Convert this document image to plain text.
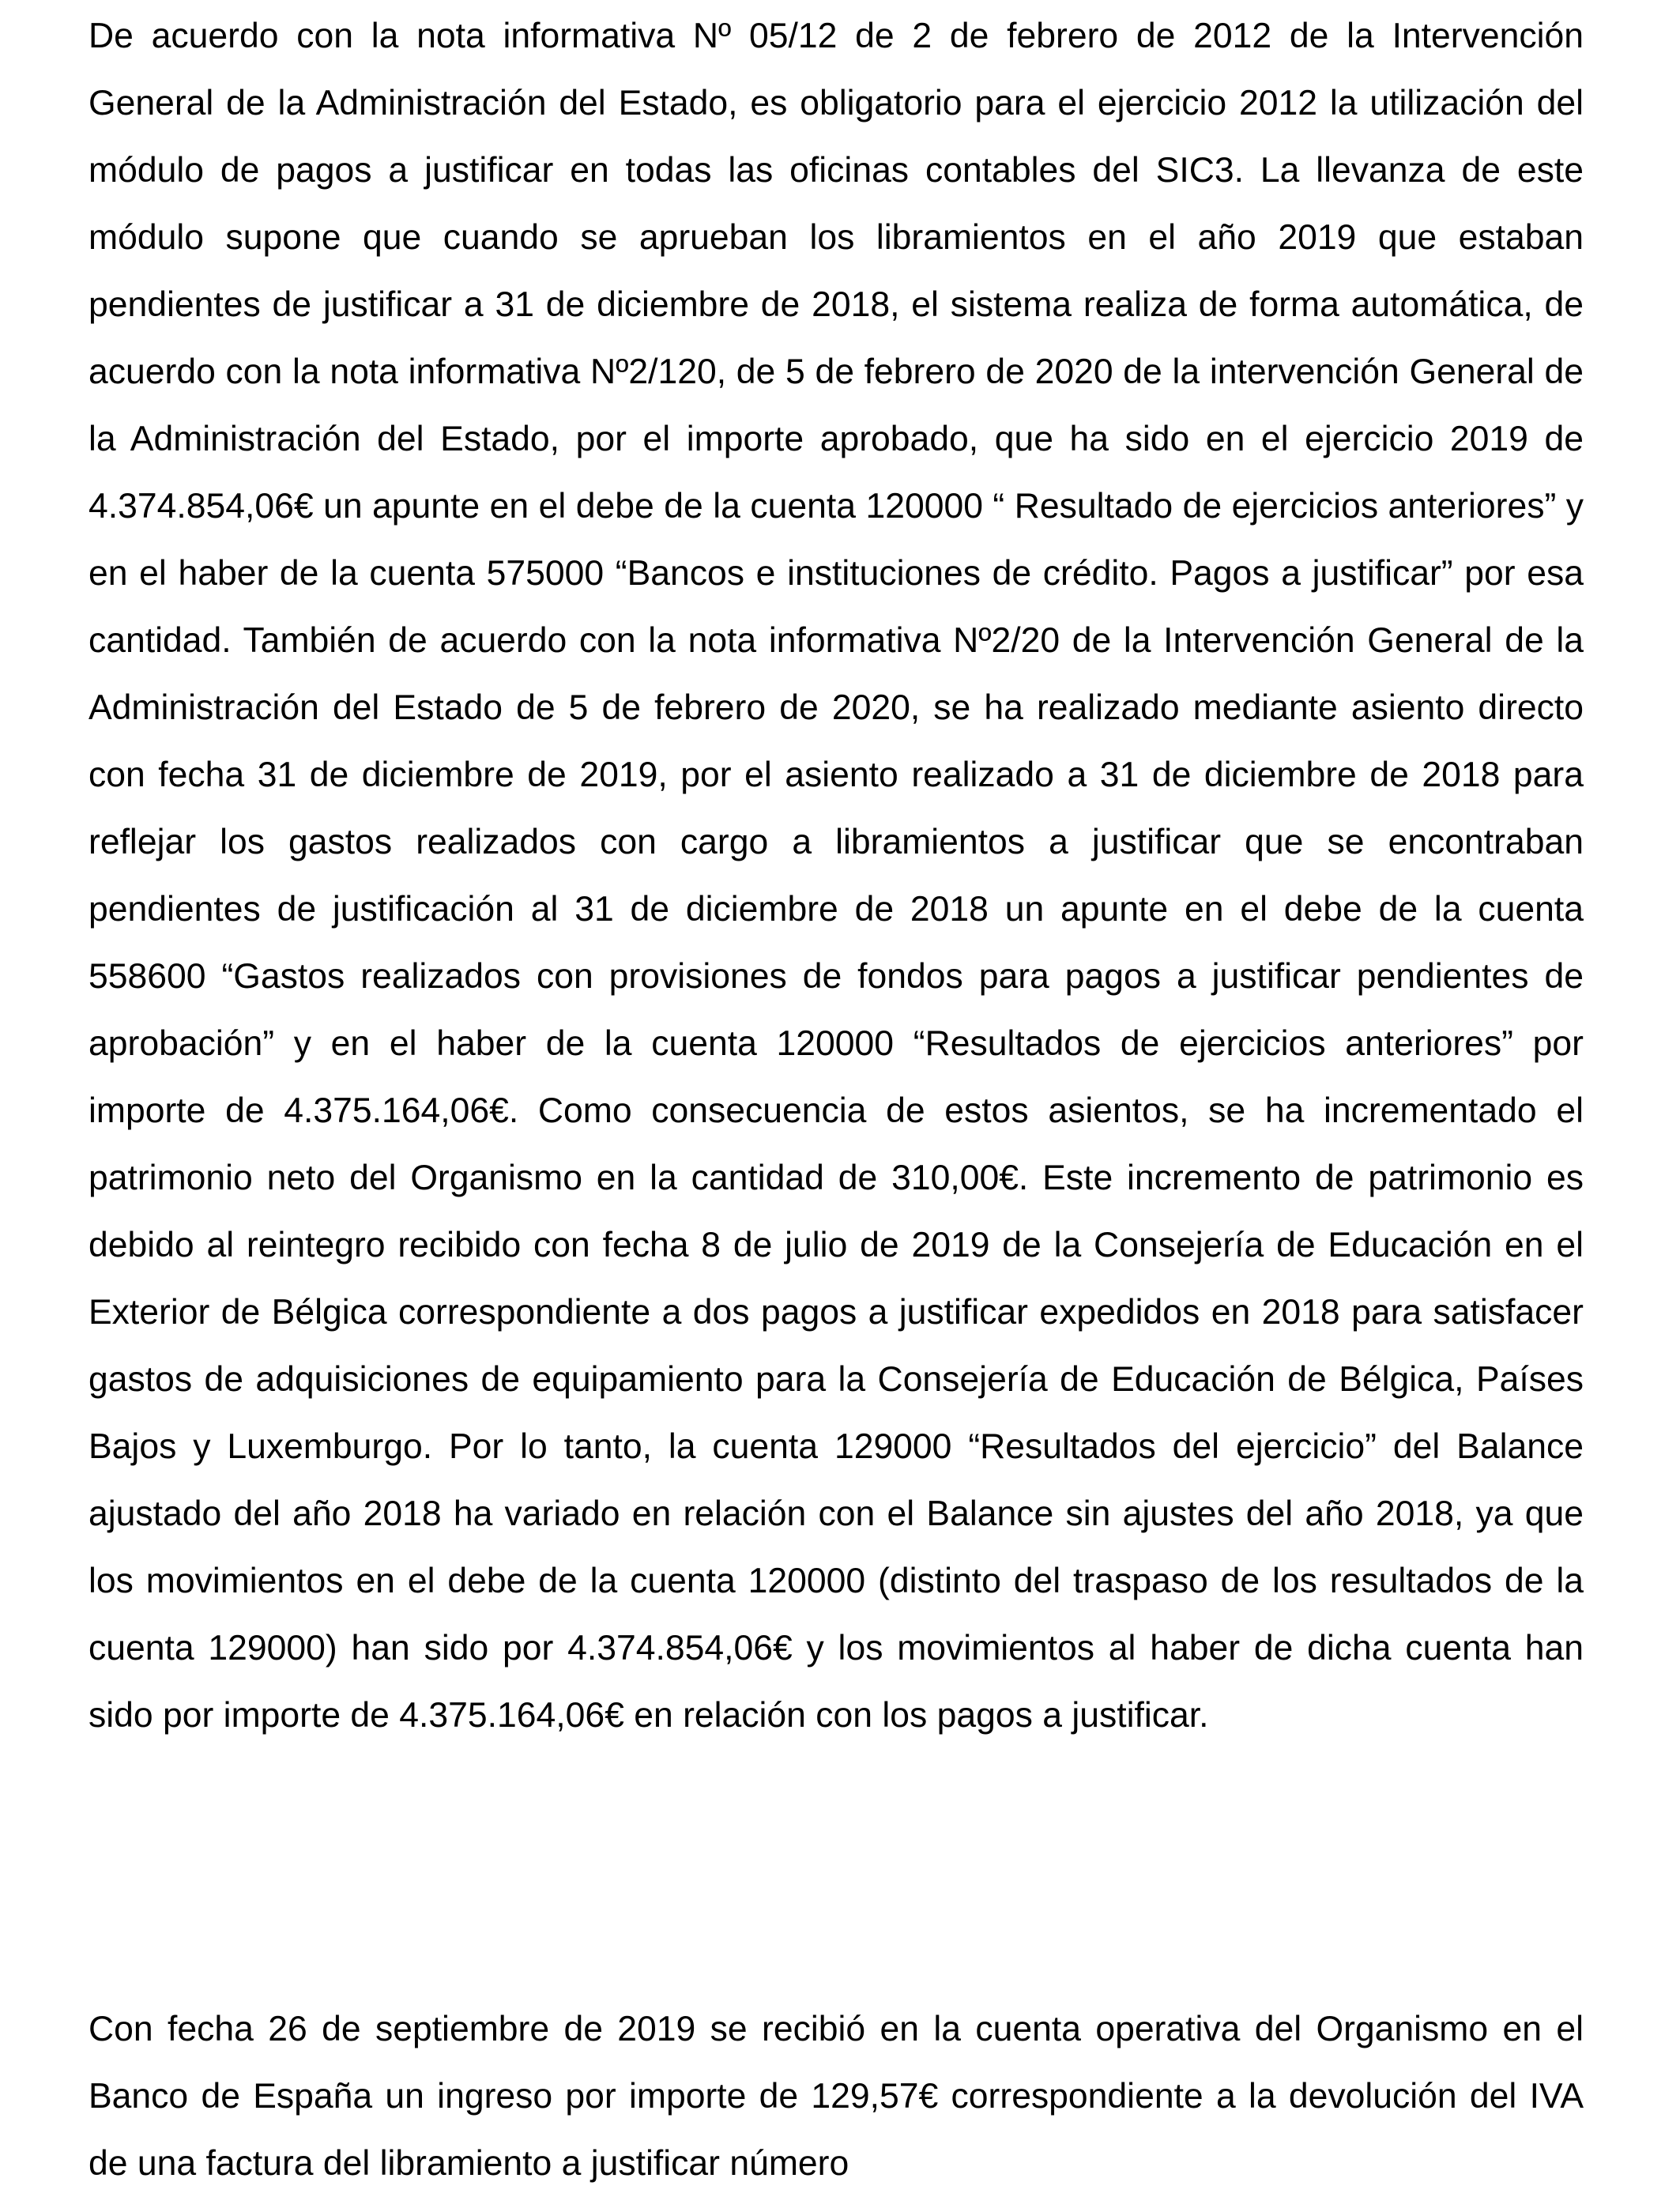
De acuerdo con la nota informativa Nº 05/12 de 2 de febrero de 2012 de la Intervención General de la Administración del Estado, es obligatorio para el ejercicio 2012 la utilización del módulo de pagos a justificar en todas las oficinas contables del SIC3. La llevanza de este módulo supone que cuando se aprueban los libramientos en el año 2019 que estaban pendientes de justificar a 31 de diciembre de 2018, el sistema realiza de forma automática, de acuerdo con la nota informativa Nº2/120, de 5 de febrero de 2020 de la intervención General de la Administración del Estado, por el importe aprobado, que ha sido en el ejercicio 2019 de 4.374.854,06€ un apunte en el debe de la cuenta 120000 “ Resultado de ejercicios anteriores” y en el haber de la cuenta 575000 “Bancos e instituciones de crédito. Pagos a justificar” por esa cantidad. También de acuerdo con la nota informativa Nº2/20 de la Intervención General de la Administración del Estado de 5 de febrero de 2020, se ha realizado mediante asiento directo con fecha 31 de diciembre de 2019, por el asiento realizado a 31 de diciembre de 2018 para reflejar los gastos realizados con cargo a libramientos a justificar que se encontraban pendientes de justificación al 31 de diciembre de 2018 un apunte en el debe de la cuenta 558600 “Gastos realizados con provisiones de fondos para pagos a justificar pendientes de aprobación” y en el haber de la cuenta 120000 “Resultados de ejercicios anteriores” por importe de 4.375.164,06€. Como consecuencia de estos asientos, se ha incrementado el patrimonio neto del Organismo en la cantidad de 310,00€. Este incremento de patrimonio es debido al reintegro recibido con fecha 8 de julio de 2019 de la Consejería de Educación en el Exterior de Bélgica correspondiente a dos pagos a justificar expedidos en 2018 para satisfacer gastos de adquisiciones de equipamiento para la Consejería de Educación de Bélgica, Países Bajos y Luxemburgo. Por lo tanto, la cuenta 129000 “Resultados del ejercicio” del Balance ajustado del año 2018 ha variado en relación con el Balance sin ajustes del año 2018, ya que los movimientos en el debe de la cuenta 120000 (distinto del traspaso de los resultados de la cuenta 129000) han sido por 4.374.854,06€ y los movimientos al haber de dicha cuenta han sido por importe de 4.375.164,06€ en relación con los pagos a justificar.

Con fecha 26 de septiembre de 2019 se recibió en la cuenta operativa del Organismo en el Banco de España un ingreso por importe de 129,57€ correspondiente a la devolución del IVA de una factura del libramiento a justificar número
